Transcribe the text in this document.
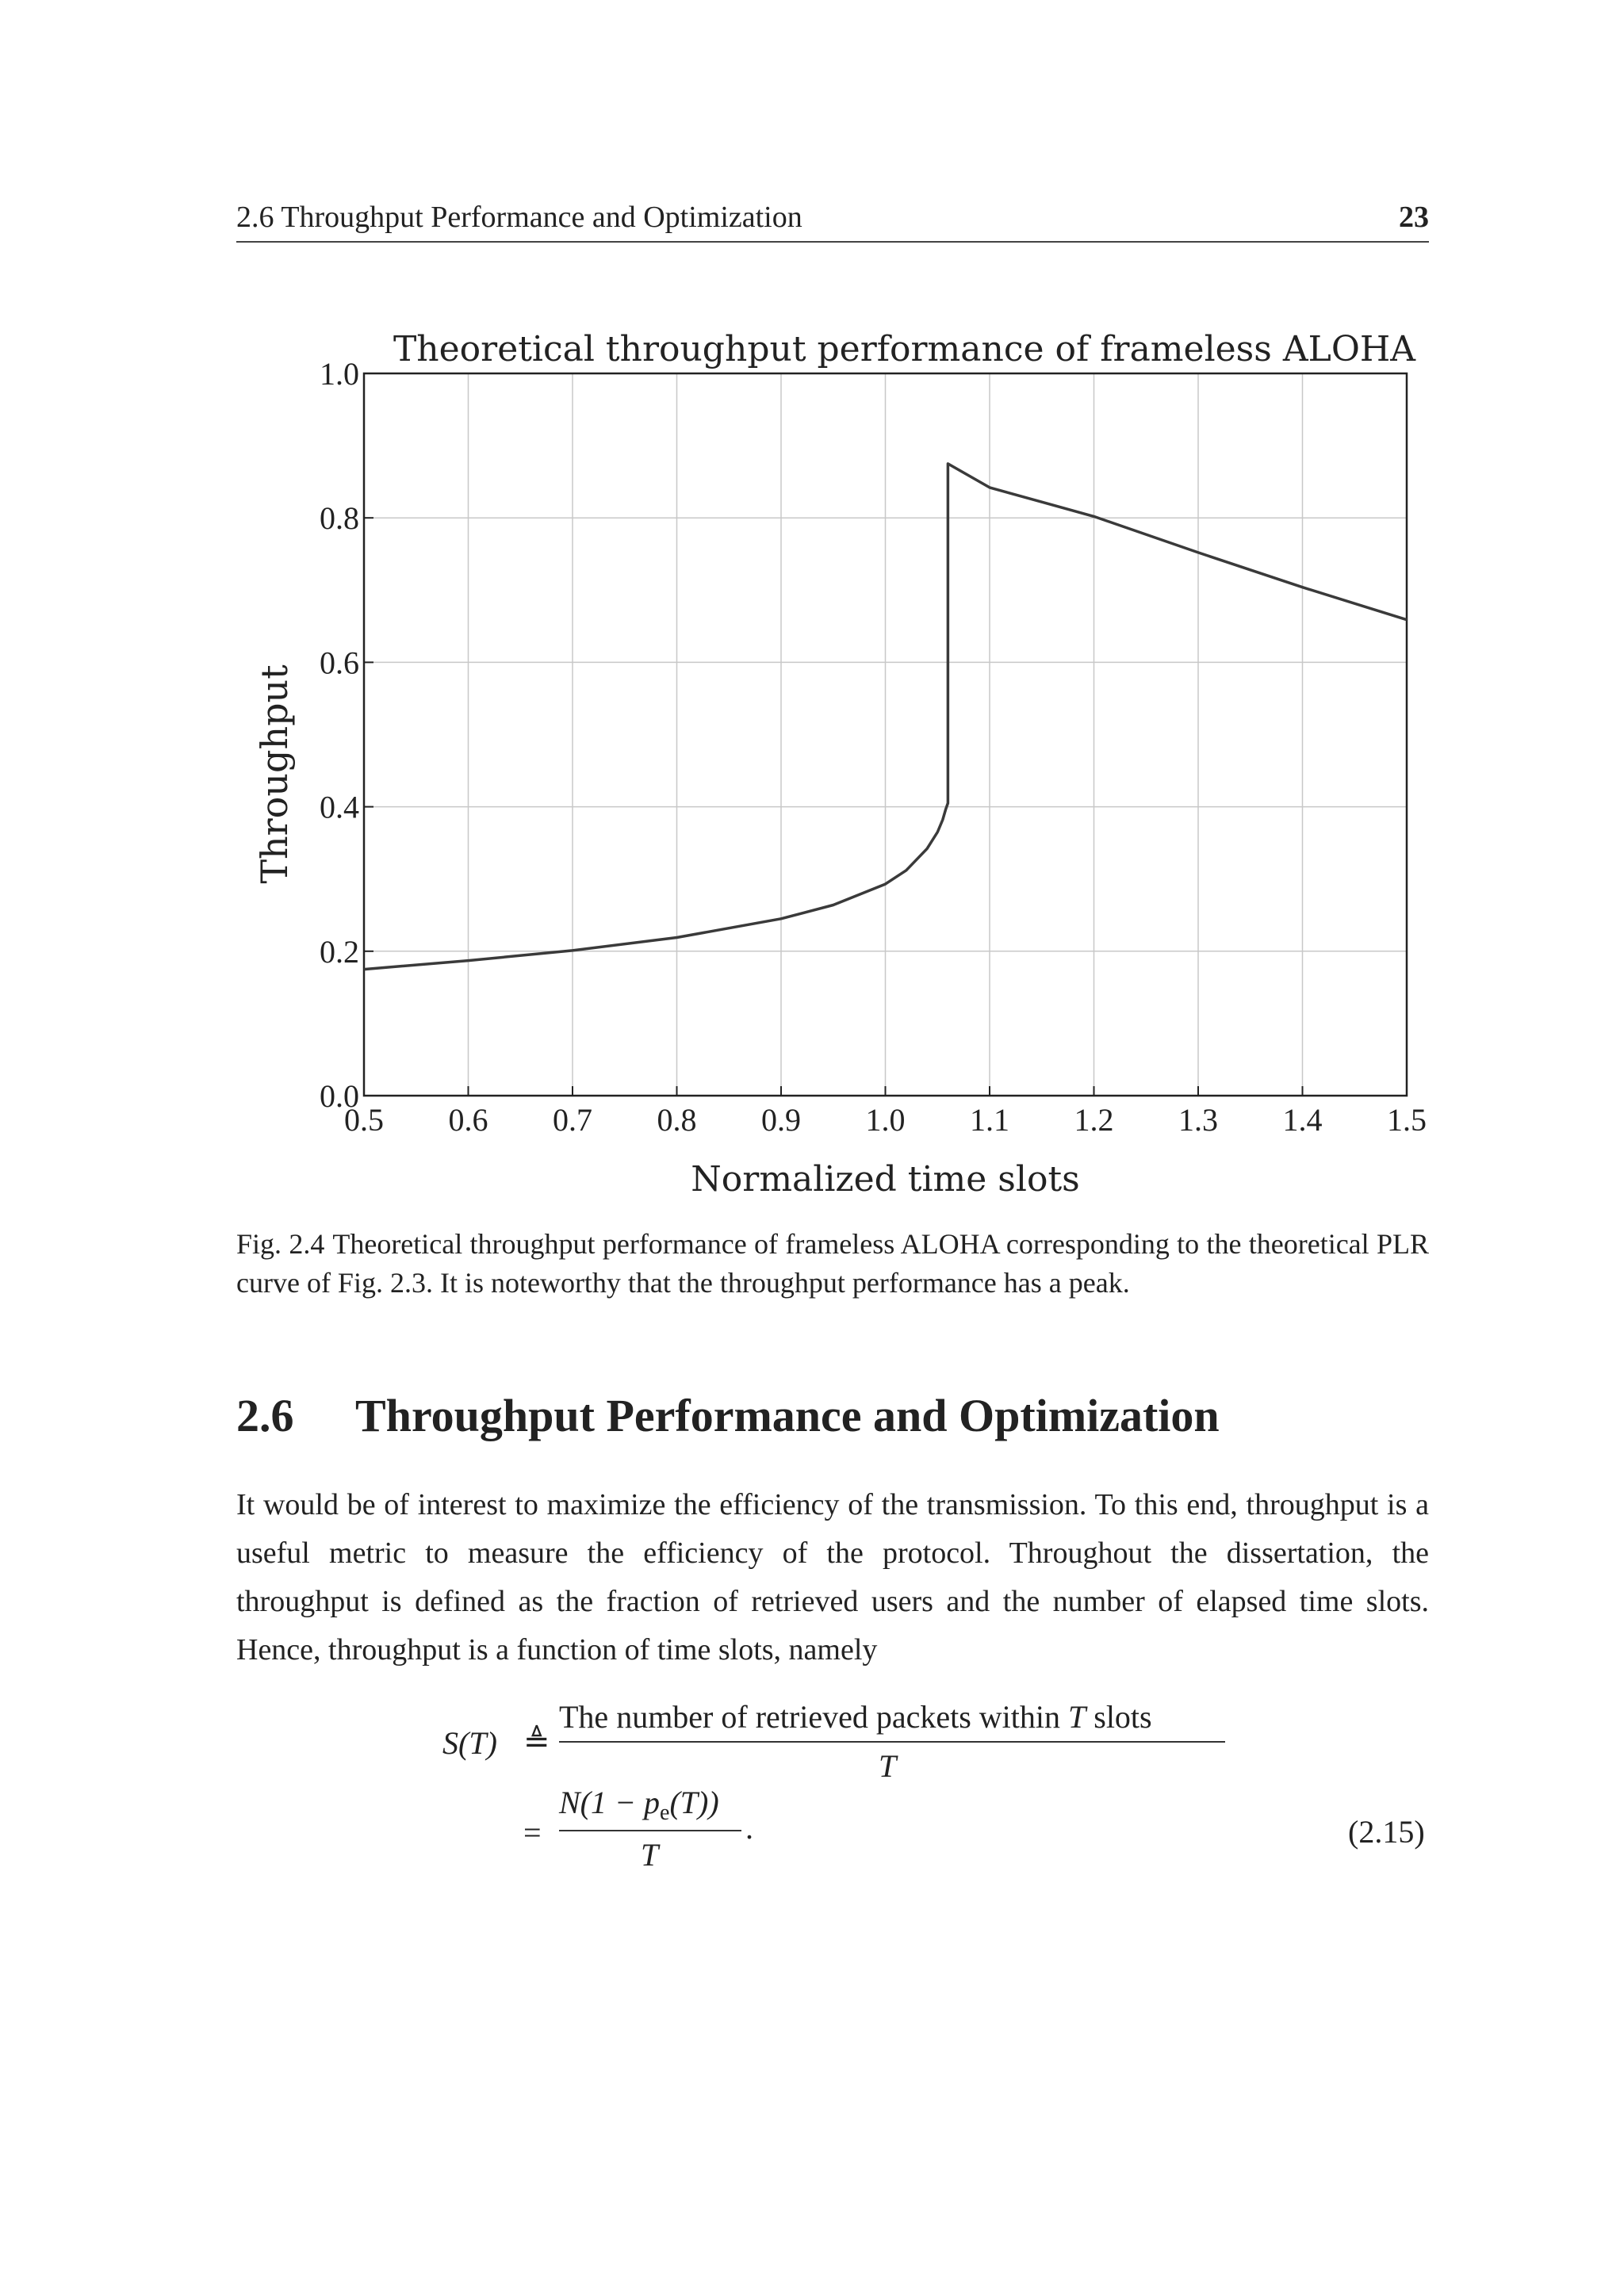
2.6 Throughput Performance and Optimization	23
0.5 0.6 0.7 0.8 0.9 1.0 1.1 1.2 1.3 1.4 1.5
0.0
0.2
0.4
0.6
0.8
1.0
Theoretical throughput performance of frameless ALOHA
Normalized time slots
Throughput
Fig. 2.4 Theoretical throughput performance of frameless ALOHA corresponding to the theoretical PLR curve of Fig. 2.3. It is noteworthy that the throughput performance has a peak.
2.6 Throughput Performance and Optimization
It would be of interest to maximize the efficiency of the transmission. To this end, throughput is a useful metric to measure the efficiency of the protocol. Throughout the dissertation, the throughput is defined as the fraction of retrieved users and the number of elapsed time slots. Hence, throughput is a function of time slots, namely
S(T) ≜
The number of retrieved packets within T slots
T
=
$N(1 - p_e(T))$
T
.	(2.15)
